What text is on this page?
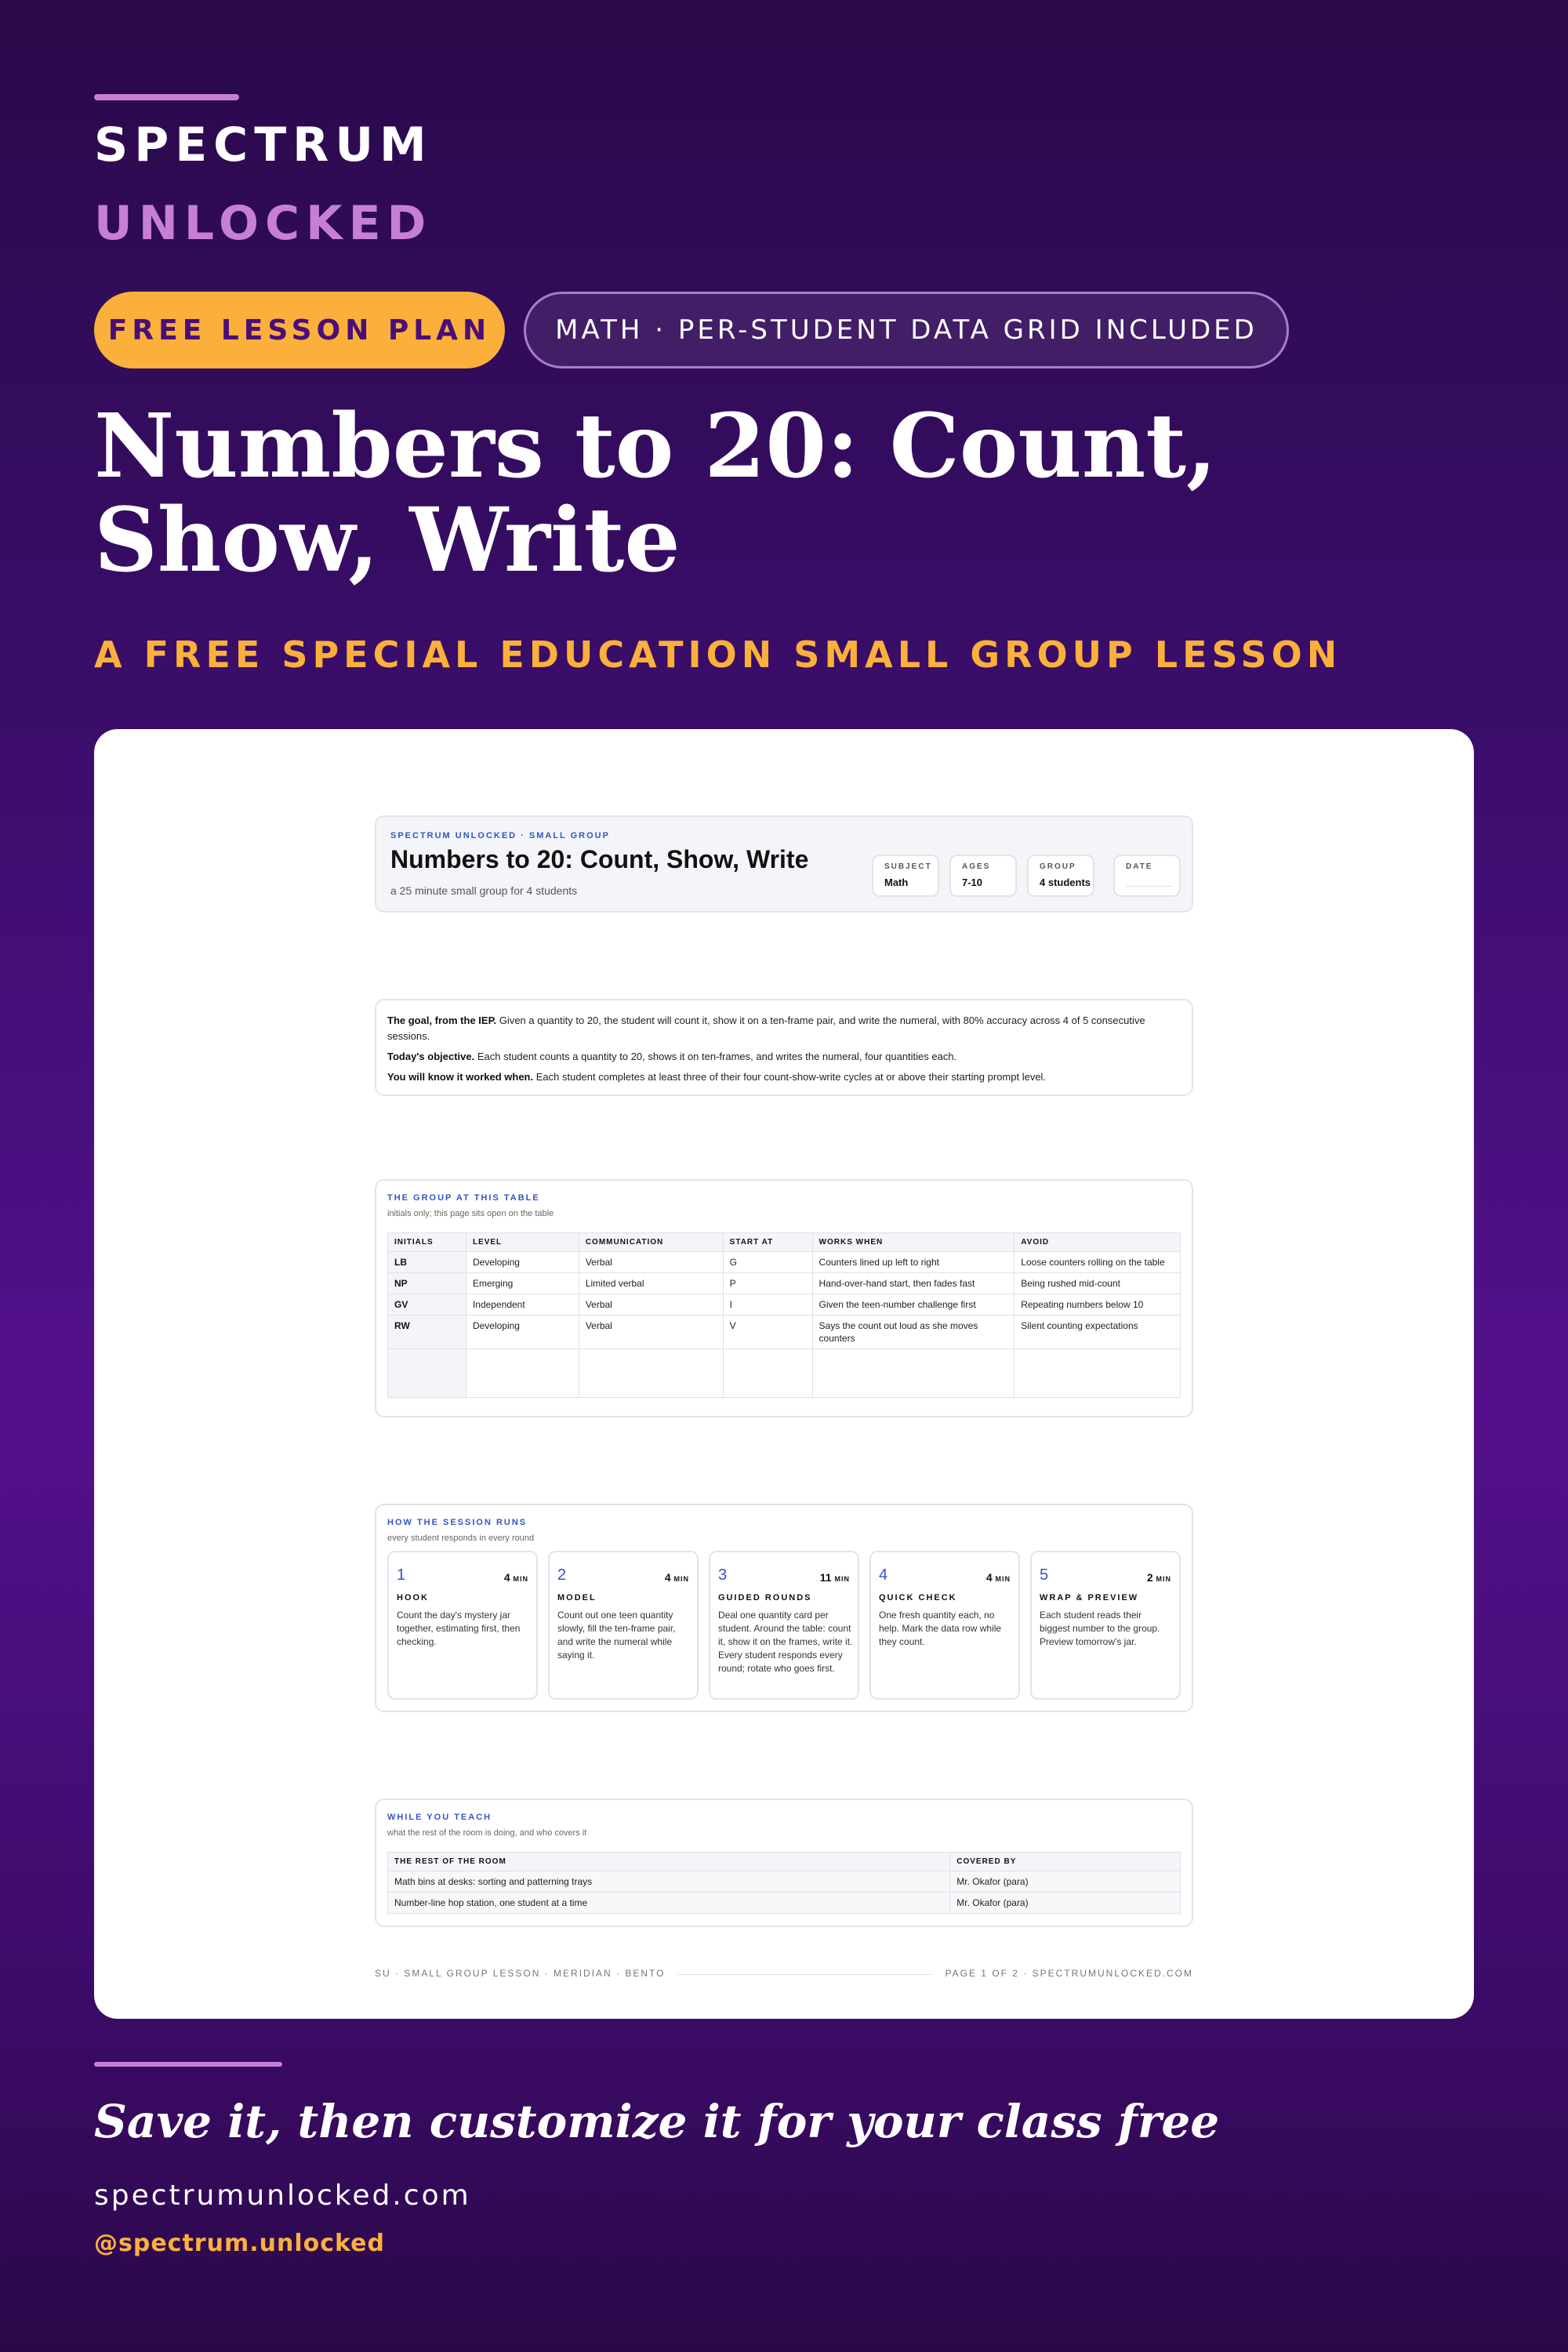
SPECTRUM
UNLOCKED
FREE LESSON PLAN	MATH · PER-STUDENT DATA GRID INCLUDED
Numbers to 20: Count, Show, Write
A FREE SPECIAL EDUCATION SMALL GROUP LESSON
SPECTRUM UNLOCKED · SMALL GROUP
Numbers to 20: Count, Show, Write
a 25 minute small group for 4 students
SUBJECT
Math
AGES
7-10
GROUP
4 students
DATE

The goal, from the IEP. Given a quantity to 20, the student will count it, show it on a ten-frame pair, and write the numeral, with 80% accuracy across 4 of 5 consecutive sessions.

Today's objective. Each student counts a quantity to 20, shows it on ten-frames, and writes the numeral, four quantities each.

You will know it worked when. Each student completes at least three of their four count-show-write cycles at or above their starting prompt level.

THE GROUP AT THIS TABLE
initials only; this page sits open on the table
INITIALS	LEVEL	COMMUNICATION	START AT	WORKS WHEN	AVOID
LB	Developing	Verbal	G	Counters lined up left to right	Loose counters rolling on the table
NP	Emerging	Limited verbal	P	Hand-over-hand start, then fades fast	Being rushed mid-count
GV	Independent	Verbal	I	Given the teen-number challenge first	Repeating numbers below 10
RW	Developing	Verbal	V	Says the count out loud as she moves counters	Silent counting expectations

HOW THE SESSION RUNS
every student responds in every round
1	4 MIN
HOOK
Count the day's mystery jar together, estimating first, then checking.
2	4 MIN
MODEL
Count out one teen quantity slowly, fill the ten-frame pair, and write the numeral while saying it.
3	11 MIN
GUIDED ROUNDS
Deal one quantity card per student. Around the table: count it, show it on the frames, write it. Every student responds every round; rotate who goes first.
4	4 MIN
QUICK CHECK
One fresh quantity each, no help. Mark the data row while they count.
5	2 MIN
WRAP & PREVIEW
Each student reads their biggest number to the group. Preview tomorrow's jar.
WHILE YOU TEACH
what the rest of the room is doing, and who covers it
THE REST OF THE ROOM	COVERED BY
Math bins at desks: sorting and patterning trays	Mr. Okafor (para)
Number-line hop station, one student at a time	Mr. Okafor (para)
SU · SMALL GROUP LESSON · MERIDIAN · BENTO	PAGE 1 OF 2 · SPECTRUMUNLOCKED.COM
Save it, then customize it for your class free
spectrumunlocked.com
@spectrum.unlocked
